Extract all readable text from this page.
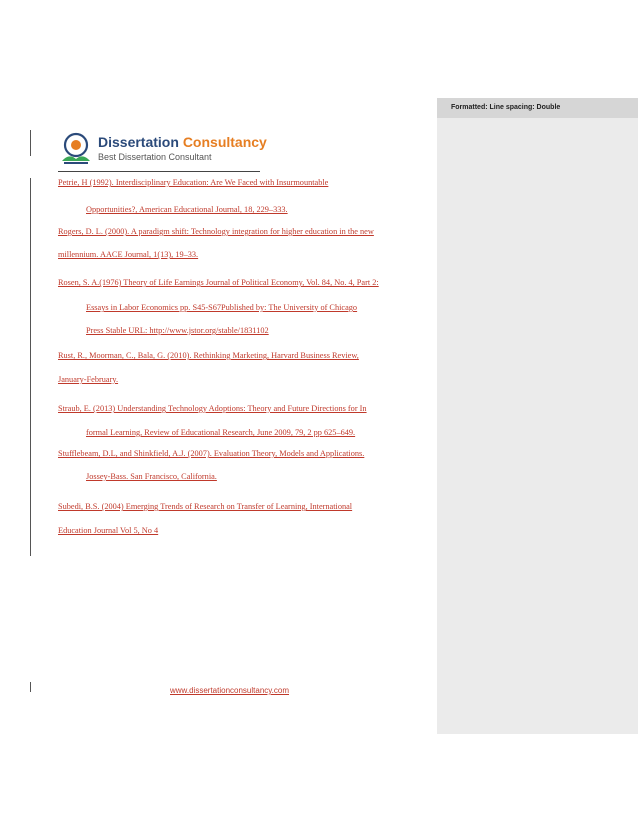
Formatted: Line spacing: Double
Dissertation Consultancy
Best Dissertation Consultant
Petrie, H (1992). Interdisciplinary Education: Are We Faced with Insurmountable
Opportunities?, American Educational Journal, 18, 229–333.
Rogers, D. L. (2000). A paradigm shift: Technology integration for higher education in the new
millennium. AACE Journal, 1(13), 19–33.
Rosen, S. A.(1976) Theory of Life Earnings Journal of Political Economy, Vol. 84, No. 4, Part 2:
Essays in Labor Economics pp. S45-S67Published by: The University of Chicago
Press Stable URL: http://www.jstor.org/stable/1831102
Rust, R., Moorman, C., Bala, G. (2010). Rethinking Marketing, Harvard Business Review,
January-February.
Straub, E. (2013) Understanding Technology Adoptions: Theory and Future Directions for In
formal Learning, Review of Educational Research, June 2009, 79, 2 pp 625–649.
Stufflebeam, D.L, and Shinkfield, A.J. (2007). Evaluation Theory, Models and Applications.
Jossey-Bass. San Francisco, California.
Subedi, B.S. (2004) Emerging Trends of Research on Transfer of Learning, International
Education Journal Vol 5, No 4
www.dissertationconsultancy.com
